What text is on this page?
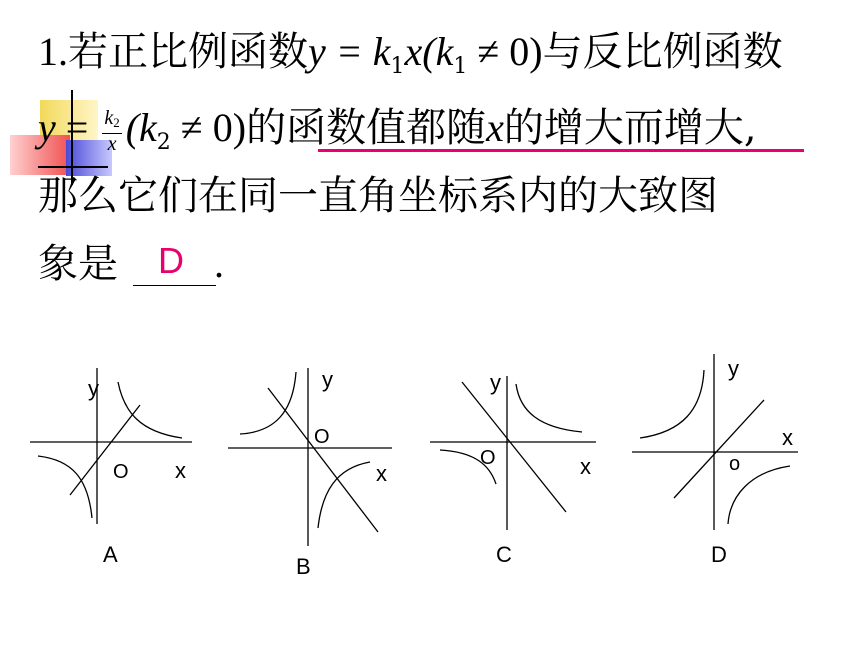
1.若正比例函数$y = k_1x(k_1 \ne 0)$与反比例函数
$y = \frac{k_2}{x} (k_2 \ne 0)$的函数值都随x的增大而增大,
那么它们在同一直角坐标系内的大致图
象是 .
D
y
x
O
A
y
x
O
B
y
x
O
C
y
x
o
D
